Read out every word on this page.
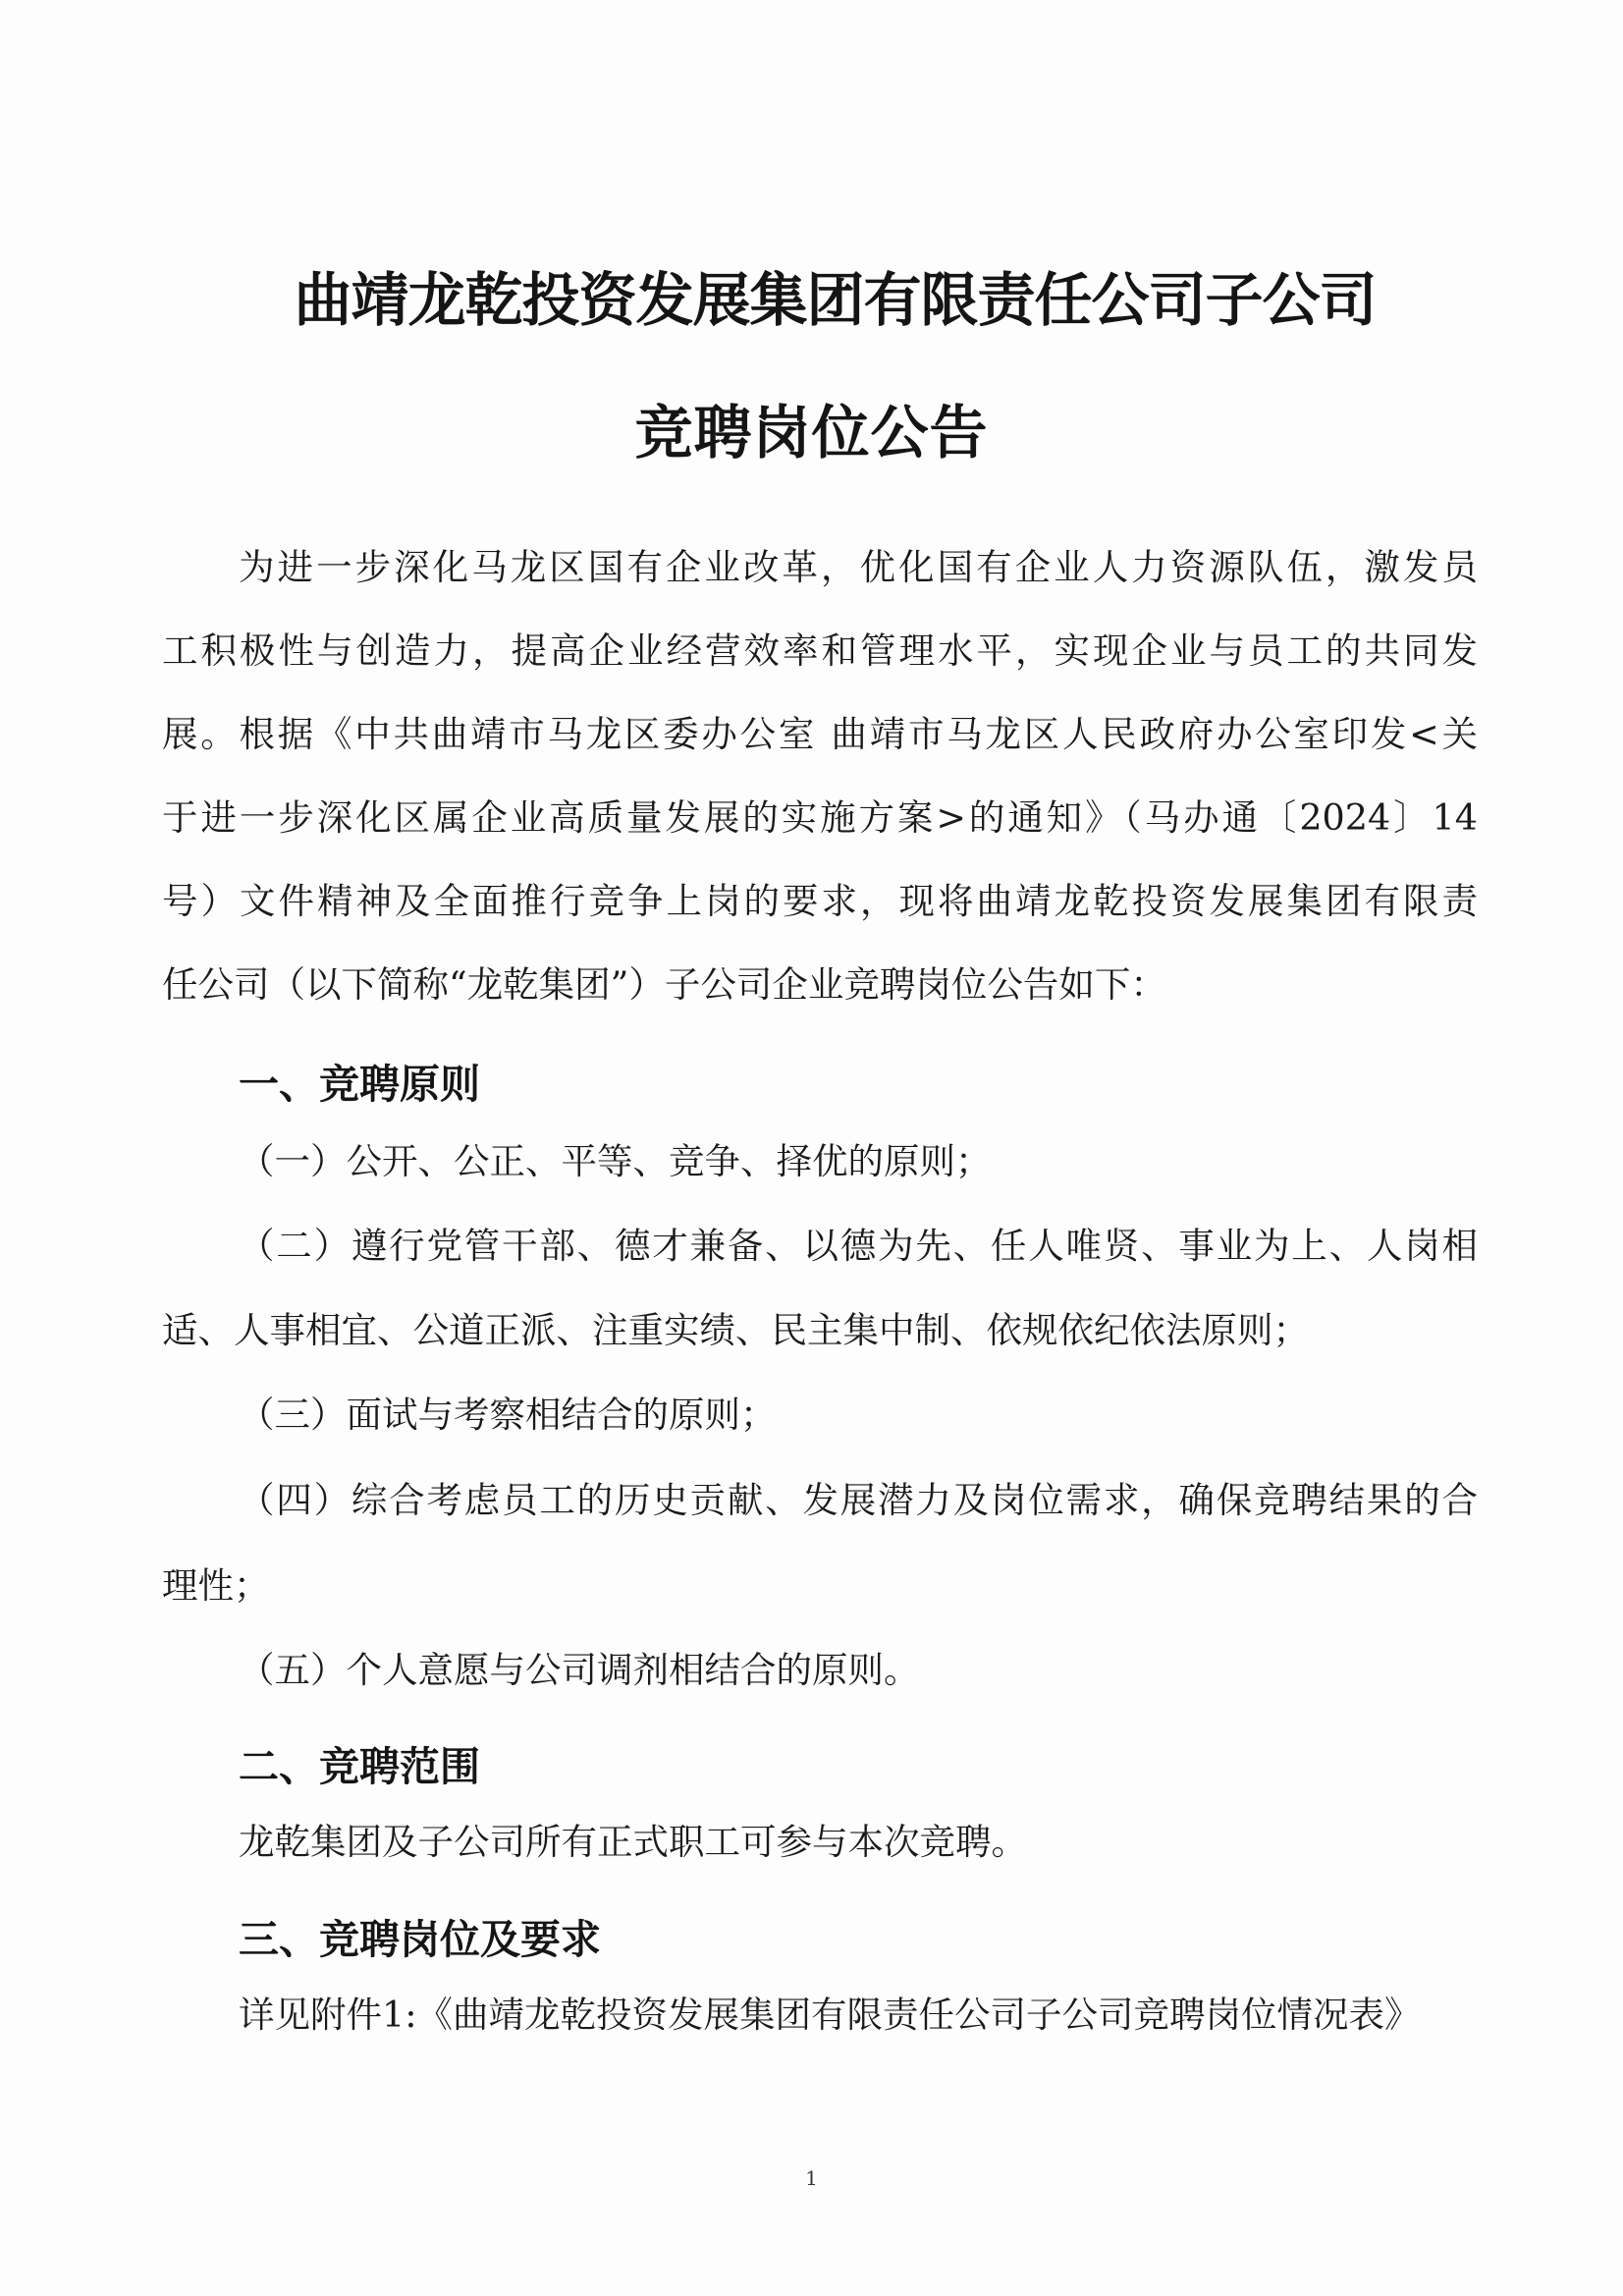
曲靖龙乾投资发展集团有限责任公司子公司
竞聘岗位公告
为进一步深化马龙区国有企业改革，优化国有企业人力资源队伍，激发员
工积极性与创造力，提高企业经营效率和管理水平，实现企业与员工的共同发
展。根据《中共曲靖市马龙区委办公室 曲靖市马龙区人民政府办公室印发<关
于进一步深化区属企业高质量发展的实施方案>的通知》（马办通〔2024〕14
号）文件精神及全面推行竞争上岗的要求，现将曲靖龙乾投资发展集团有限责
任公司（以下简称“龙乾集团”）子公司企业竞聘岗位公告如下：
一、竞聘原则
（一）公开、公正、平等、竞争、择优的原则；
（二）遵行党管干部、德才兼备、以德为先、任人唯贤、事业为上、人岗相
适、人事相宜、公道正派、注重实绩、民主集中制、依规依纪依法原则；
（三）面试与考察相结合的原则；
（四）综合考虑员工的历史贡献、发展潜力及岗位需求，确保竞聘结果的合
理性；
（五）个人意愿与公司调剂相结合的原则。
二、竞聘范围
龙乾集团及子公司所有正式职工可参与本次竞聘。
三、竞聘岗位及要求
详见附件1:《曲靖龙乾投资发展集团有限责任公司子公司竞聘岗位情况表》
1
